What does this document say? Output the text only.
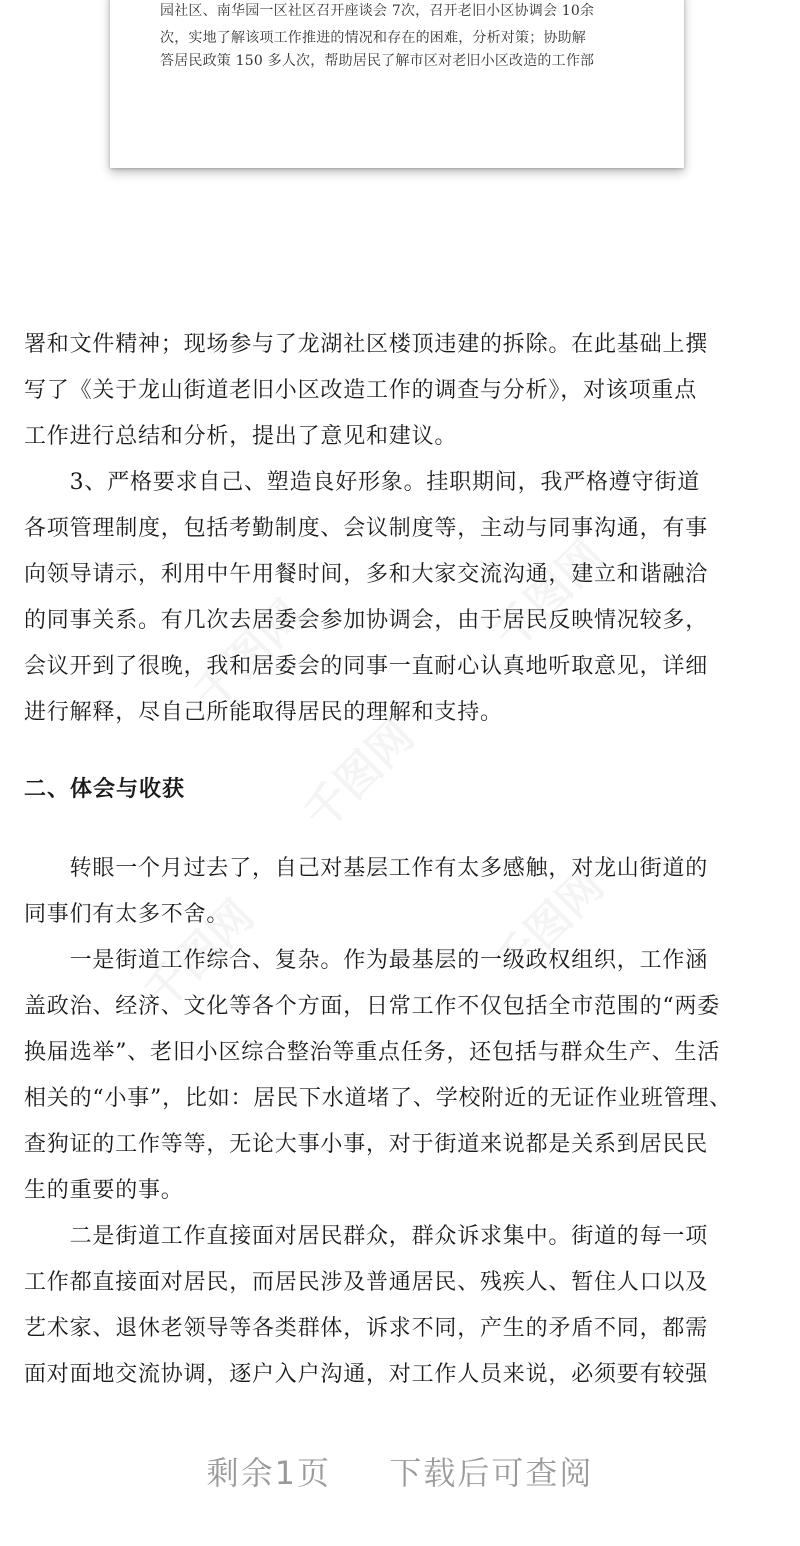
园社区、南华园一区社区召开座谈会 7次，召开老旧小区协调会 10余
次，实地了解该项工作推进的情况和存在的困难，分析对策；协助解
答居民政策 150 多人次，帮助居民了解市区对老旧小区改造的工作部
署和文件精神；现场参与了龙湖社区楼顶违建的拆除。在此基础上撰
写了《关于龙山街道老旧小区改造工作的调查与分析》，对该项重点
工作进行总结和分析，提出了意见和建议。
　　3、严格要求自己、塑造良好形象。挂职期间，我严格遵守街道
各项管理制度，包括考勤制度、会议制度等，主动与同事沟通，有事
向领导请示，利用中午用餐时间，多和大家交流沟通，建立和谐融洽
的同事关系。有几次去居委会参加协调会，由于居民反映情况较多，
会议开到了很晚，我和居委会的同事一直耐心认真地听取意见，详细
进行解释，尽自己所能取得居民的理解和支持。
二、体会与收获
　　转眼一个月过去了，自己对基层工作有太多感触，对龙山街道的
同事们有太多不舍。
　　一是街道工作综合、复杂。作为最基层的一级政权组织，工作涵
盖政治、经济、文化等各个方面，日常工作不仅包括全市范围的“两委
换届选举”、老旧小区综合整治等重点任务，还包括与群众生产、生活
相关的“小事”，比如：居民下水道堵了、学校附近的无证作业班管理、
查狗证的工作等等，无论大事小事，对于街道来说都是关系到居民民
生的重要的事。
　　二是街道工作直接面对居民群众，群众诉求集中。街道的每一项
工作都直接面对居民，而居民涉及普通居民、残疾人、暂住人口以及
艺术家、退休老领导等各类群体，诉求不同，产生的矛盾不同，都需
面对面地交流协调，逐户入户沟通，对工作人员来说，必须要有较强
剩余1页 下载后可查阅
